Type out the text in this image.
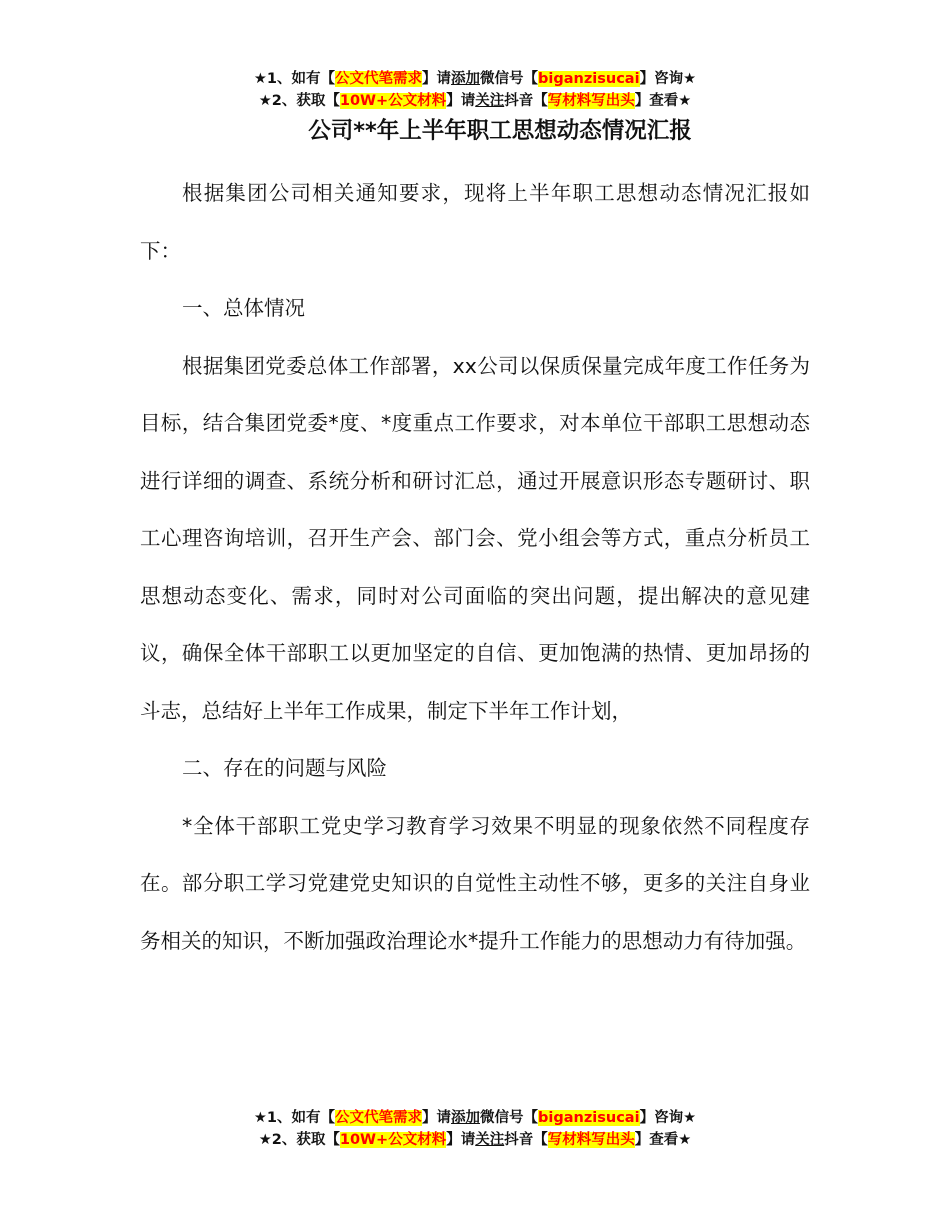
★1、如有【公文代笔需求】请添加微信号【biganzisucai】咨询★
★2、获取【10W+公文材料】请关注抖音【写材料写出头】查看★
公司**年上半年职工思想动态情况汇报

根据集团公司相关通知要求，现将上半年职工思想动态情况汇报如下：

一、总体情况

根据集团党委总体工作部署，xx公司以保质保量完成年度工作任务为目标，结合集团党委*度、*度重点工作要求，对本单位干部职工思想动态进行详细的调查、系统分析和研讨汇总，通过开展意识形态专题研讨、职工心理咨询培训，召开生产会、部门会、党小组会等方式，重点分析员工思想动态变化、需求，同时对公司面临的突出问题，提出解决的意见建议，确保全体干部职工以更加坚定的自信、更加饱满的热情、更加昂扬的斗志，总结好上半年工作成果，制定下半年工作计划，

二、存在的问题与风险

*全体干部职工党史学习教育学习效果不明显的现象依然不同程度存在。部分职工学习党建党史知识的自觉性主动性不够，更多的关注自身业务相关的知识，不断加强政治理论水*提升工作能力的思想动力有待加强。

★1、如有【公文代笔需求】请添加微信号【biganzisucai】咨询★
★2、获取【10W+公文材料】请关注抖音【写材料写出头】查看★
